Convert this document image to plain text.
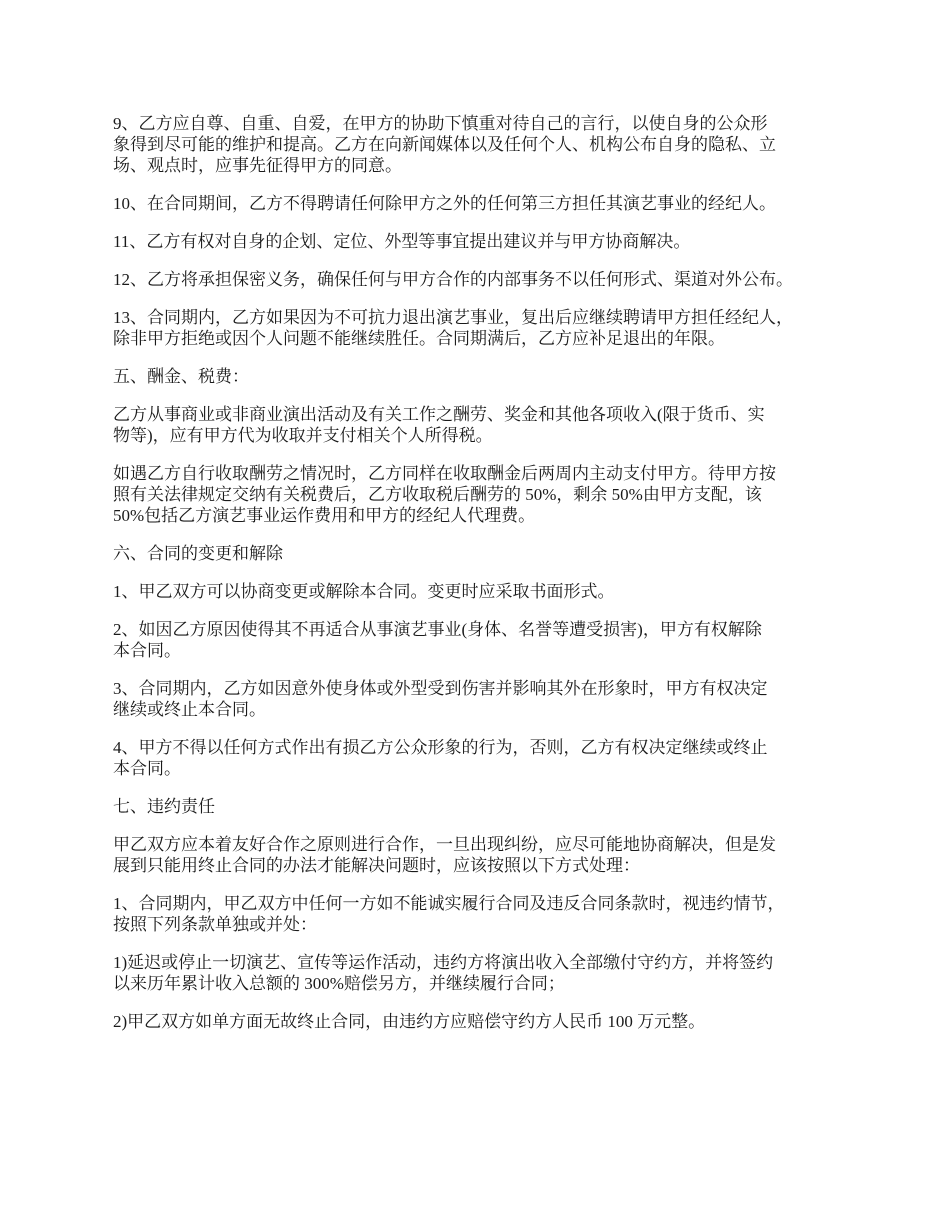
9、乙方应自尊、自重、自爱，在甲方的协助下慎重对待自己的言行，以使自身的公众形
象得到尽可能的维护和提高。乙方在向新闻媒体以及任何个人、机构公布自身的隐私、立
场、观点时，应事先征得甲方的同意。

10、在合同期间，乙方不得聘请任何除甲方之外的任何第三方担任其演艺事业的经纪人。

11、乙方有权对自身的企划、定位、外型等事宜提出建议并与甲方协商解决。

12、乙方将承担保密义务，确保任何与甲方合作的内部事务不以任何形式、渠道对外公布。

13、合同期内，乙方如果因为不可抗力退出演艺事业，复出后应继续聘请甲方担任经纪人，
除非甲方拒绝或因个人问题不能继续胜任。合同期满后，乙方应补足退出的年限。

五、酬金、税费：

乙方从事商业或非商业演出活动及有关工作之酬劳、奖金和其他各项收入(限于货币、实
物等)，应有甲方代为收取并支付相关个人所得税。

如遇乙方自行收取酬劳之情况时，乙方同样在收取酬金后两周内主动支付甲方。待甲方按
照有关法律规定交纳有关税费后，乙方收取税后酬劳的 50%，剩余 50%由甲方支配，该
50%包括乙方演艺事业运作费用和甲方的经纪人代理费。

六、合同的变更和解除

1、甲乙双方可以协商变更或解除本合同。变更时应采取书面形式。

2、如因乙方原因使得其不再适合从事演艺事业(身体、名誉等遭受损害)，甲方有权解除
本合同。

3、合同期内，乙方如因意外使身体或外型受到伤害并影响其外在形象时，甲方有权决定
继续或终止本合同。

4、甲方不得以任何方式作出有损乙方公众形象的行为，否则，乙方有权决定继续或终止
本合同。

七、违约责任

甲乙双方应本着友好合作之原则进行合作，一旦出现纠纷，应尽可能地协商解决，但是发
展到只能用终止合同的办法才能解决问题时，应该按照以下方式处理：

1、合同期内，甲乙双方中任何一方如不能诚实履行合同及违反合同条款时，视违约情节，
按照下列条款单独或并处：

1)延迟或停止一切演艺、宣传等运作活动，违约方将演出收入全部缴付守约方，并将签约
以来历年累计收入总额的 300%赔偿另方，并继续履行合同；

2)甲乙双方如单方面无故终止合同，由违约方应赔偿守约方人民币 100 万元整。
